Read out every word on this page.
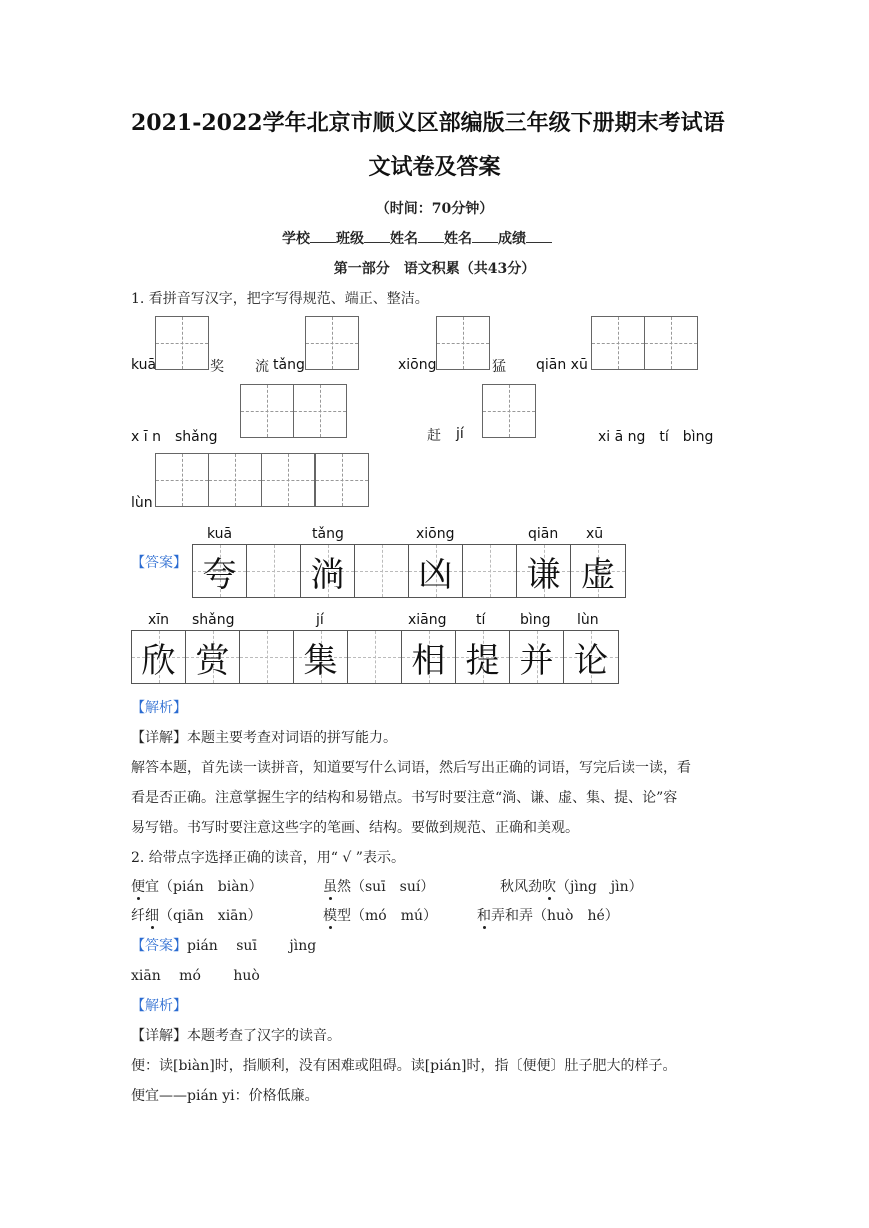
2021-2022学年北京市顺义区部编版三年级下册期末考试语
文试卷及答案
（时间：70分钟）
学校 班级 姓名 姓名 成绩
第一部分　语文积累（共43分）
1. 看拼音写汉字，把字写得规范、端正、整洁。
kuā	奖 流 tǎng	xiōng	猛 qiān xū
x ī n　shǎng	赶 jí	xi ā ng　tí　bìng
lùn
【答案】
kuā	tǎng	xiōng	qiān xū
夸 淌 凶 谦 虚
xīn shǎng	jí	xiāng tí bìng lùn
欣 赏 集 相 提 并 论
【解析】
【详解】本题主要考查对词语的拼写能力。
解答本题，首先读一读拼音，知道要写什么词语，然后写出正确的词语，写完后读一读，看
看是否正确。注意掌握生字的结构和易错点。书写时要注意“淌、谦、虚、集、提、论”容
易写错。书写时要注意这些字的笔画、结构。要做到规范、正确和美观。
2. 给带点字选择正确的读音，用“ √ ”表示。
便宜（pián　biàn）	虽然（suī　suí）	秋风劲吹（jìng　jìn）
纤细（qiān　xiān）	模型（mó　mú）	和弄和弄（huò　hé）
【答案】pián　 suī　　 jìng
xiān　 mó　　 huò
【解析】
【详解】本题考查了汉字的读音。
便：读[biàn]时，指顺利，没有困难或阻碍。读[pián]时，指〔便便〕肚子肥大的样子。
便宜——pián yi：价格低廉。
